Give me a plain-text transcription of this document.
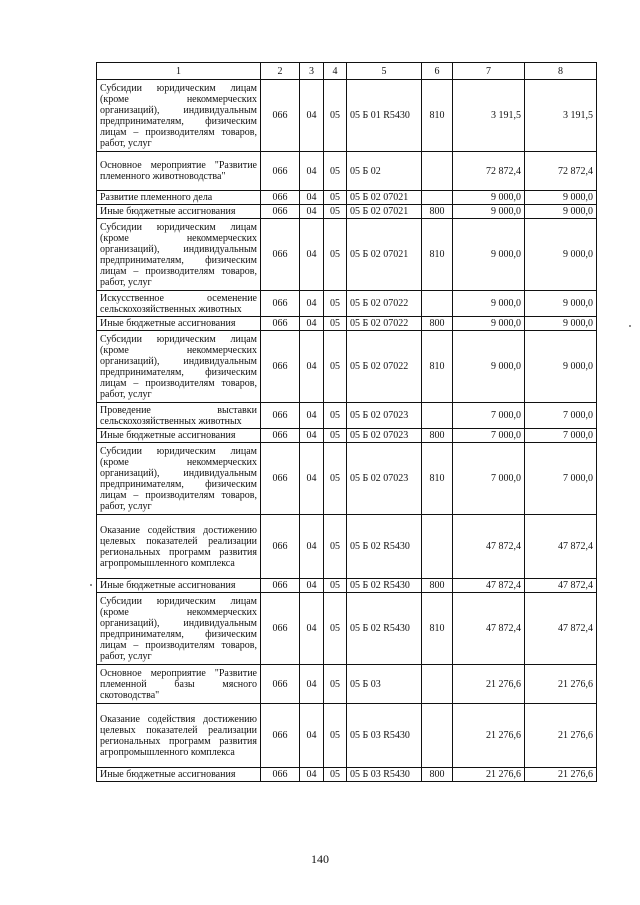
1	2	3	4	5	6	7	8
Субсидии юридическим лицам (кроме некоммерческих организаций), индивидуальным предпринимателям, физическим лицам – производителям товаров, работ, услуг	066	04	05	05 Б 01 R5430	810	3 191,5	3 191,5
Основное мероприятие "Развитие племенного животноводства"	066	04	05	05 Б 02		72 872,4	72 872,4
Развитие племенного дела	066	04	05	05 Б 02 07021		9 000,0	9 000,0
Иные бюджетные ассигнования	066	04	05	05 Б 02 07021	800	9 000,0	9 000,0
Субсидии юридическим лицам (кроме некоммерческих организаций), индивидуальным предпринимателям, физическим лицам – производителям товаров, работ, услуг	066	04	05	05 Б 02 07021	810	9 000,0	9 000,0
Искусственное осеменение сельскохозяйственных животных	066	04	05	05 Б 02 07022		9 000,0	9 000,0
Иные бюджетные ассигнования	066	04	05	05 Б 02 07022	800	9 000,0	9 000,0
Субсидии юридическим лицам (кроме некоммерческих организаций), индивидуальным предпринимателям, физическим лицам – производителям товаров, работ, услуг	066	04	05	05 Б 02 07022	810	9 000,0	9 000,0
Проведение выставки сельскохозяйственных животных	066	04	05	05 Б 02 07023		7 000,0	7 000,0
Иные бюджетные ассигнования	066	04	05	05 Б 02 07023	800	7 000,0	7 000,0
Субсидии юридическим лицам (кроме некоммерческих организаций), индивидуальным предпринимателям, физическим лицам – производителям товаров, работ, услуг	066	04	05	05 Б 02 07023	810	7 000,0	7 000,0
Оказание содействия достижению целевых показателей реализации региональных программ развития агропромышленного комплекса	066	04	05	05 Б 02 R5430		47 872,4	47 872,4
Иные бюджетные ассигнования	066	04	05	05 Б 02 R5430	800	47 872,4	47 872,4
Субсидии юридическим лицам (кроме некоммерческих организаций), индивидуальным предпринимателям, физическим лицам – производителям товаров, работ, услуг	066	04	05	05 Б 02 R5430	810	47 872,4	47 872,4
Основное мероприятие "Развитие племенной базы мясного скотоводства"	066	04	05	05 Б 03		21 276,6	21 276,6
Оказание содействия достижению целевых показателей реализации региональных программ развития агропромышленного комплекса	066	04	05	05 Б 03 R5430		21 276,6	21 276,6
Иные бюджетные ассигнования	066	04	05	05 Б 03 R5430	800	21 276,6	21 276,6
140
